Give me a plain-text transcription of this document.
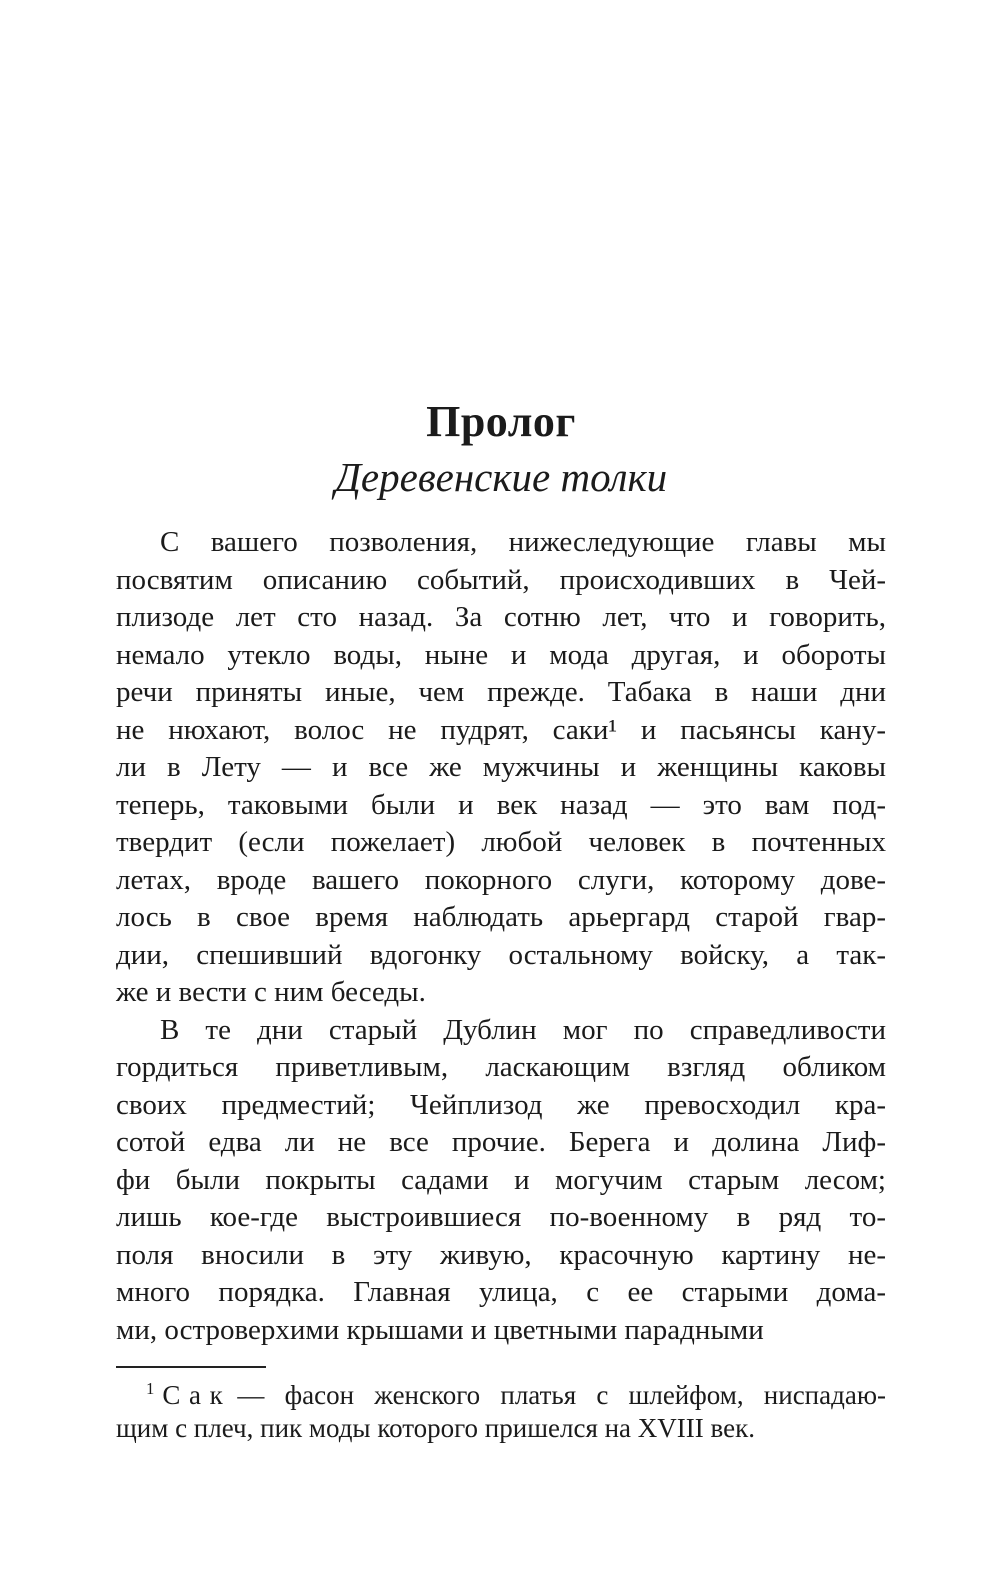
Пролог
Деревенские толки
С вашего позволения, нижеследующие главы мы
посвятим описанию событий, происходивших в Чей-
плизоде лет сто назад. За сотню лет, что и говорить,
немало утекло воды, ныне и мода другая, и обороты
речи приняты иные, чем прежде. Табака в наши дни
не нюхают, волос не пудрят, саки¹ и пасьянсы кану-
ли в Лету — и все же мужчины и женщины каковы
теперь, таковыми были и век назад — это вам под-
твердит (если пожелает) любой человек в почтенных
летах, вроде вашего покорного слуги, которому дове-
лось в свое время наблюдать арьергард старой гвар-
дии, спешивший вдогонку остальному войску, а так-
же и вести с ним беседы.
В те дни старый Дублин мог по справедливости
гордиться приветливым, ласкающим взгляд обликом
своих предместий; Чейплизод же превосходил кра-
сотой едва ли не все прочие. Берега и долина Лиф-
фи были покрыты садами и могучим старым лесом;
лишь кое-где выстроившиеся по-военному в ряд то-
поля вносили в эту живую, красочную картину не-
много порядка. Главная улица, с ее старыми дома-
ми, островерхими крышами и цветными парадными
$^1$ Сак — фасон женского платья с шлейфом, ниспадаю-
щим с плеч, пик моды которого пришелся на XVIII век.
